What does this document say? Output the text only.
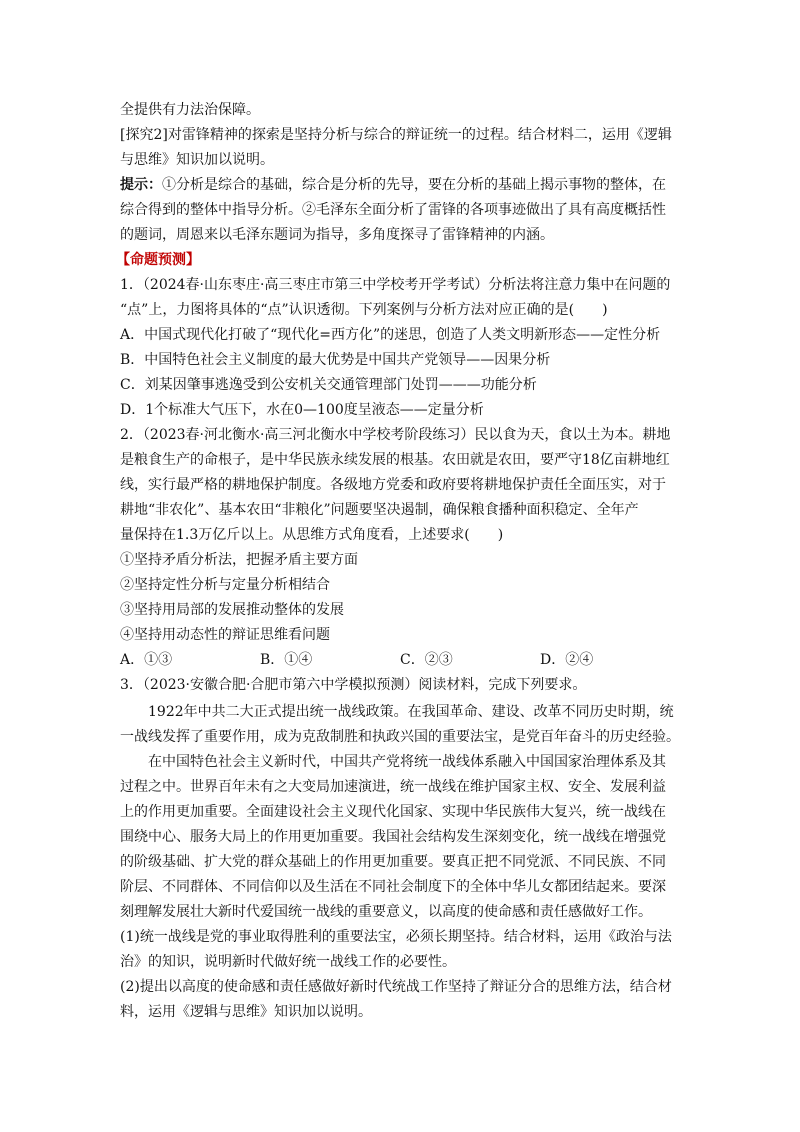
全提供有力法治保障。
[探究2]对雷锋精神的探索是坚持分析与综合的辩证统一的过程。结合材料二，运用《逻辑
与思维》知识加以说明。
提示：①分析是综合的基础，综合是分析的先导，要在分析的基础上揭示事物的整体，在
综合得到的整体中指导分析。②毛泽东全面分析了雷锋的各项事迹做出了具有高度概括性
的题词，周恩来以毛泽东题词为指导，多角度探寻了雷锋精神的内涵。
【命题预测】
1．（2024春·山东枣庄·高三枣庄市第三中学校考开学考试）分析法将注意力集中在问题的
“点”上，力图将具体的“点”认识透彻。下列案例与分析方法对应正确的是(　　)
A．中国式现代化打破了“现代化=西方化”的迷思，创造了人类文明新形态——定性分析
B．中国特色社会主义制度的最大优势是中国共产党领导——因果分析
C．刘某因肇事逃逸受到公安机关交通管理部门处罚———功能分析
D．1个标准大气压下，水在0—100度呈液态——定量分析
2．（2023春·河北衡水·高三河北衡水中学校考阶段练习）民以食为天，食以土为本。耕地
是粮食生产的命根子，是中华民族永续发展的根基。农田就是农田，要严守18亿亩耕地红
线，实行最严格的耕地保护制度。各级地方党委和政府要将耕地保护责任全面压实，对于
耕地“非农化”、基本农田“非粮化”问题要坚决遏制，确保粮食播种面积稳定、全年产
量保持在1.3万亿斤以上。从思维方式角度看，上述要求(　　)
①坚持矛盾分析法，把握矛盾主要方面
②坚持定性分析与定量分析相结合
③坚持用局部的发展推动整体的发展
④坚持用动态性的辩证思维看问题
A．①③	B．①④	C．②③	D．②④
3．（2023·安徽合肥·合肥市第六中学模拟预测）阅读材料，完成下列要求。
1922年中共二大正式提出统一战线政策。在我国革命、建设、改革不同历史时期，统
一战线发挥了重要作用，成为克敌制胜和执政兴国的重要法宝，是党百年奋斗的历史经验。
在中国特色社会主义新时代，中国共产党将统一战线体系融入中国国家治理体系及其
过程之中。世界百年未有之大变局加速演进，统一战线在维护国家主权、安全、发展利益
上的作用更加重要。全面建设社会主义现代化国家、实现中华民族伟大复兴，统一战线在
围绕中心、服务大局上的作用更加重要。我国社会结构发生深刻变化，统一战线在增强党
的阶级基础、扩大党的群众基础上的作用更加重要。要真正把不同党派、不同民族、不同
阶层、不同群体、不同信仰以及生活在不同社会制度下的全体中华儿女都团结起来。要深
刻理解发展壮大新时代爱国统一战线的重要意义，以高度的使命感和责任感做好工作。
(1)统一战线是党的事业取得胜利的重要法宝，必须长期坚持。结合材料，运用《政治与法
治》的知识，说明新时代做好统一战线工作的必要性。
(2)提出以高度的使命感和责任感做好新时代统战工作坚持了辩证分合的思维方法，结合材
料，运用《逻辑与思维》知识加以说明。
